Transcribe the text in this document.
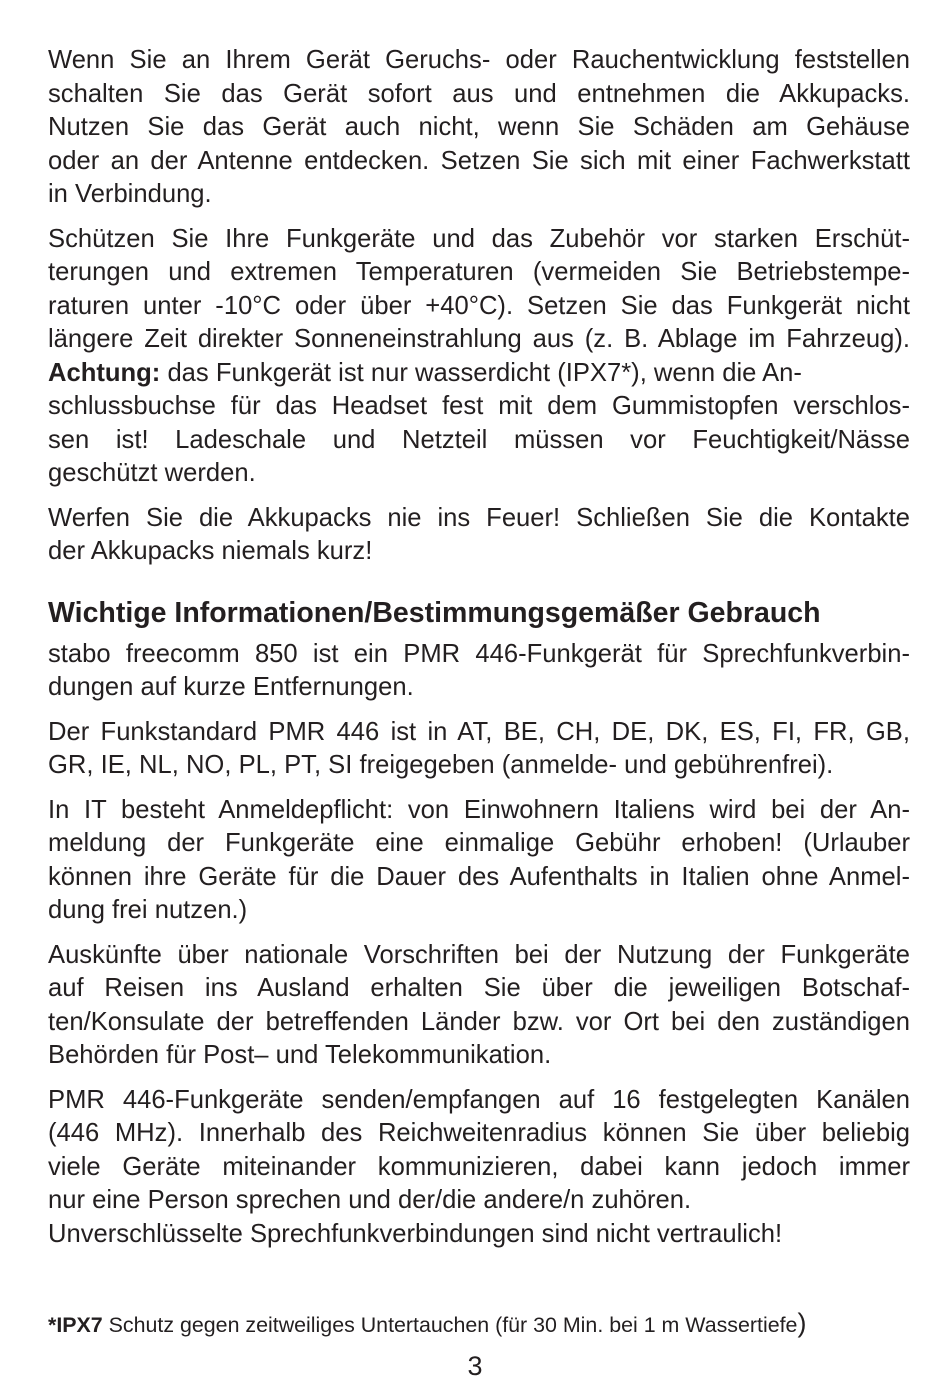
Wenn Sie an Ihrem Gerät Geruchs- oder Rauchentwicklung feststellen
schalten Sie das Gerät sofort aus und entnehmen die Akkupacks.
Nutzen Sie das Gerät auch nicht, wenn Sie Schäden am Gehäuse
oder an der Antenne entdecken. Setzen Sie sich mit einer Fachwerkstatt
in Verbindung.
Schützen Sie Ihre Funkgeräte und das Zubehör vor starken Erschüt-
terungen und extremen Temperaturen (vermeiden Sie Betriebstempe-
raturen unter -10°C oder über +40°C). Setzen Sie das Funkgerät nicht
längere Zeit direkter Sonneneinstrahlung aus (z. B. Ablage im Fahrzeug).
Achtung: das Funkgerät ist nur wasserdicht (IPX7*), wenn die An-
schlussbuchse für das Headset fest mit dem Gummistopfen verschlos-
sen ist! Ladeschale und Netzteil müssen vor Feuchtigkeit/Nässe
geschützt werden.
Werfen Sie die Akkupacks nie ins Feuer! Schließen Sie die Kontakte
der Akkupacks niemals kurz!
Wichtige Informationen/Bestimmungsgemäßer Gebrauch
stabo freecomm 850 ist ein PMR 446-Funkgerät für Sprechfunkverbin-
dungen auf kurze Entfernungen.
Der Funkstandard PMR 446 ist in AT, BE, CH, DE, DK, ES, FI, FR, GB,
GR, IE, NL, NO, PL, PT, SI freigegeben (anmelde- und gebührenfrei).
In IT besteht Anmeldepflicht: von Einwohnern Italiens wird bei der An-
meldung der Funkgeräte eine einmalige Gebühr erhoben! (Urlauber
können ihre Geräte für die Dauer des Aufenthalts in Italien ohne Anmel-
dung frei nutzen.)
Auskünfte über nationale Vorschriften bei der Nutzung der Funkgeräte
auf Reisen ins Ausland erhalten Sie über die jeweiligen Botschaf-
ten/Konsulate der betreffenden Länder bzw. vor Ort bei den zuständigen
Behörden für Post– und Telekommunikation.
PMR 446-Funkgeräte senden/empfangen auf 16 festgelegten Kanälen
(446 MHz). Innerhalb des Reichweitenradius können Sie über beliebig
viele Geräte miteinander kommunizieren, dabei kann jedoch immer
nur eine Person sprechen und der/die andere/n zuhören.
Unverschlüsselte Sprechfunkverbindungen sind nicht vertraulich!
*IPX7 Schutz gegen zeitweiliges Untertauchen (für 30 Min. bei 1 m Wassertiefe)
3
